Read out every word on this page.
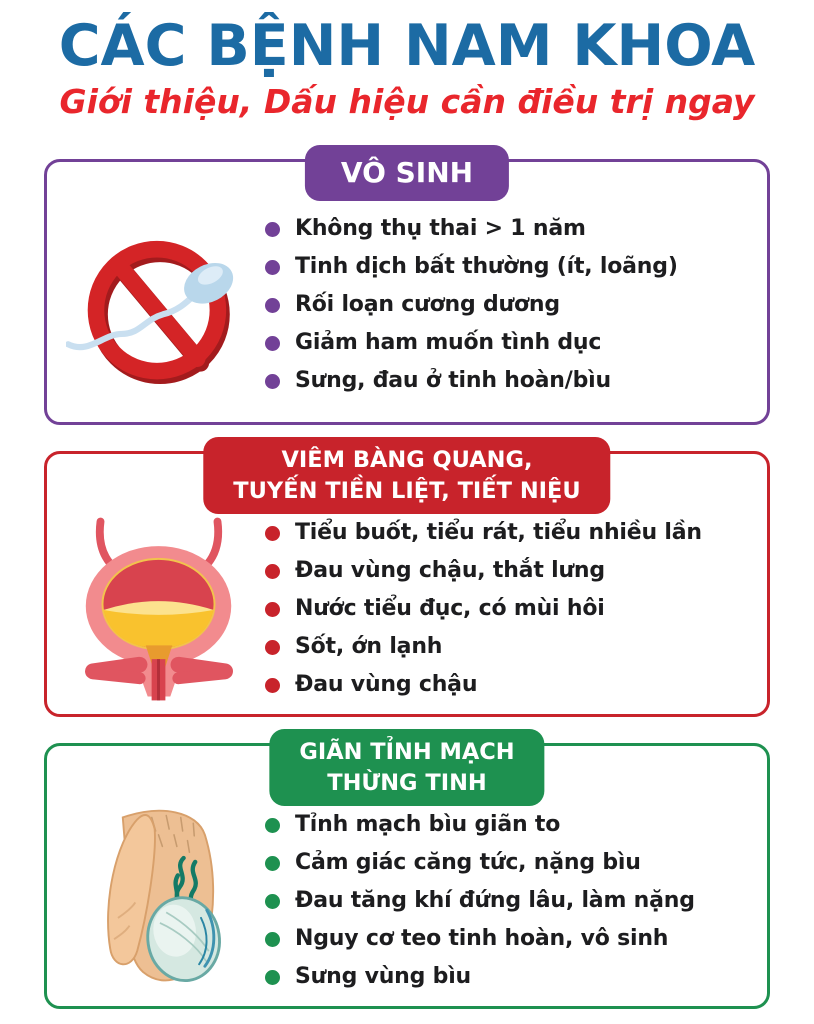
CÁC BỆNH NAM KHOA
Giới thiệu, Dấu hiệu cần điều trị ngay
VÔ SINH
Không thụ thai > 1 năm
Tinh dịch bất thường (ít, loãng)
Rối loạn cương dương
Giảm ham muốn tình dục
Sưng, đau ở tinh hoàn/bìu
VIÊM BÀNG QUANG,
TUYẾN TIỀN LIỆT, TIẾT NIỆU
Tiểu buốt, tiểu rát, tiểu nhiều lần
Đau vùng chậu, thắt lưng
Nước tiểu đục, có mùi hôi
Sốt, ớn lạnh
Đau vùng chậu
GIÃN TỈNH MẠCH
THỪNG TINH
Tỉnh mạch bìu giãn to
Cảm giác căng tức, nặng bìu
Đau tăng khí đứng lâu, làm nặng
Nguy cơ teo tinh hoàn, vô sinh
Sưng vùng bìu
